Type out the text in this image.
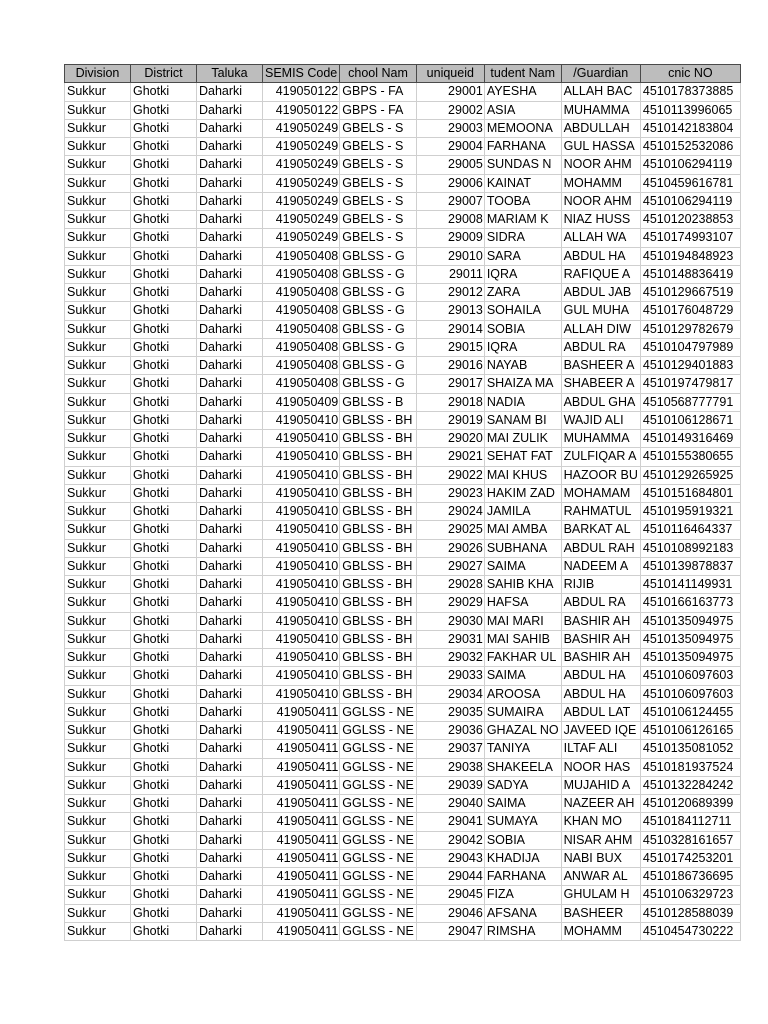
Division	District	Taluka	SEMIS Code	chool Nam	uniqueid	tudent Nam	/Guardian	cnic NO
Sukkur	Ghotki	Daharki	419050122	GBPS - FA	29001	AYESHA	ALLAH BAC	4510178373885
Sukkur	Ghotki	Daharki	419050122	GBPS - FA	29002	ASIA	MUHAMMA	4510113996065
Sukkur	Ghotki	Daharki	419050249	GBELS - S	29003	MEMOONA	ABDULLAH	4510142183804
Sukkur	Ghotki	Daharki	419050249	GBELS - S	29004	FARHANA	GUL HASSA	4510152532086
Sukkur	Ghotki	Daharki	419050249	GBELS - S	29005	SUNDAS N	NOOR AHM	4510106294119
Sukkur	Ghotki	Daharki	419050249	GBELS - S	29006	KAINAT	MOHAMM	4510459616781
Sukkur	Ghotki	Daharki	419050249	GBELS - S	29007	TOOBA	NOOR AHM	4510106294119
Sukkur	Ghotki	Daharki	419050249	GBELS - S	29008	MARIAM K	NIAZ HUSS	4510120238853
Sukkur	Ghotki	Daharki	419050249	GBELS - S	29009	SIDRA	ALLAH WA	4510174993107
Sukkur	Ghotki	Daharki	419050408	GBLSS - G	29010	SARA	ABDUL HA	4510194848923
Sukkur	Ghotki	Daharki	419050408	GBLSS - G	29011	IQRA	RAFIQUE A	4510148836419
Sukkur	Ghotki	Daharki	419050408	GBLSS - G	29012	ZARA	ABDUL JAB	4510129667519
Sukkur	Ghotki	Daharki	419050408	GBLSS - G	29013	SOHAILA	GUL MUHA	4510176048729
Sukkur	Ghotki	Daharki	419050408	GBLSS - G	29014	SOBIA	ALLAH DIW	4510129782679
Sukkur	Ghotki	Daharki	419050408	GBLSS - G	29015	IQRA	ABDUL RA	4510104797989
Sukkur	Ghotki	Daharki	419050408	GBLSS - G	29016	NAYAB	BASHEER A	4510129401883
Sukkur	Ghotki	Daharki	419050408	GBLSS - G	29017	SHAIZA MA	SHABEER A	4510197479817
Sukkur	Ghotki	Daharki	419050409	GBLSS - B	29018	NADIA	ABDUL GHA	4510568777791
Sukkur	Ghotki	Daharki	419050410	GBLSS - BH	29019	SANAM BI	WAJID ALI	4510106128671
Sukkur	Ghotki	Daharki	419050410	GBLSS - BH	29020	MAI ZULIK	MUHAMMA	4510149316469
Sukkur	Ghotki	Daharki	419050410	GBLSS - BH	29021	SEHAT FAT	ZULFIQAR A	4510155380655
Sukkur	Ghotki	Daharki	419050410	GBLSS - BH	29022	MAI KHUS	HAZOOR BU	4510129265925
Sukkur	Ghotki	Daharki	419050410	GBLSS - BH	29023	HAKIM ZAD	MOHAMAM	4510151684801
Sukkur	Ghotki	Daharki	419050410	GBLSS - BH	29024	JAMILA	RAHMATUL	4510195919321
Sukkur	Ghotki	Daharki	419050410	GBLSS - BH	29025	MAI AMBA	BARKAT AL	4510116464337
Sukkur	Ghotki	Daharki	419050410	GBLSS - BH	29026	SUBHANA	ABDUL RAH	4510108992183
Sukkur	Ghotki	Daharki	419050410	GBLSS - BH	29027	SAIMA	NADEEM A	4510139878837
Sukkur	Ghotki	Daharki	419050410	GBLSS - BH	29028	SAHIB KHA	RIJIB	4510141149931
Sukkur	Ghotki	Daharki	419050410	GBLSS - BH	29029	HAFSA	ABDUL RA	4510166163773
Sukkur	Ghotki	Daharki	419050410	GBLSS - BH	29030	MAI MARI	BASHIR AH	4510135094975
Sukkur	Ghotki	Daharki	419050410	GBLSS - BH	29031	MAI SAHIB	BASHIR AH	4510135094975
Sukkur	Ghotki	Daharki	419050410	GBLSS - BH	29032	FAKHAR UL	BASHIR AH	4510135094975
Sukkur	Ghotki	Daharki	419050410	GBLSS - BH	29033	SAIMA	ABDUL HA	4510106097603
Sukkur	Ghotki	Daharki	419050410	GBLSS - BH	29034	AROOSA	ABDUL HA	4510106097603
Sukkur	Ghotki	Daharki	419050411	GGLSS - NE	29035	SUMAIRA	ABDUL LAT	4510106124455
Sukkur	Ghotki	Daharki	419050411	GGLSS - NE	29036	GHAZAL NO	JAVEED IQE	4510106126165
Sukkur	Ghotki	Daharki	419050411	GGLSS - NE	29037	TANIYA	ILTAF ALI	4510135081052
Sukkur	Ghotki	Daharki	419050411	GGLSS - NE	29038	SHAKEELA	NOOR HAS	4510181937524
Sukkur	Ghotki	Daharki	419050411	GGLSS - NE	29039	SADYA	MUJAHID A	4510132284242
Sukkur	Ghotki	Daharki	419050411	GGLSS - NE	29040	SAIMA	NAZEER AH	4510120689399
Sukkur	Ghotki	Daharki	419050411	GGLSS - NE	29041	SUMAYA	KHAN MO	4510184112711
Sukkur	Ghotki	Daharki	419050411	GGLSS - NE	29042	SOBIA	NISAR AHM	4510328161657
Sukkur	Ghotki	Daharki	419050411	GGLSS - NE	29043	KHADIJA	NABI BUX	4510174253201
Sukkur	Ghotki	Daharki	419050411	GGLSS - NE	29044	FARHANA	ANWAR AL	4510186736695
Sukkur	Ghotki	Daharki	419050411	GGLSS - NE	29045	FIZA	GHULAM H	4510106329723
Sukkur	Ghotki	Daharki	419050411	GGLSS - NE	29046	AFSANA	BASHEER	4510128588039
Sukkur	Ghotki	Daharki	419050411	GGLSS - NE	29047	RIMSHA	MOHAMM	4510454730222
